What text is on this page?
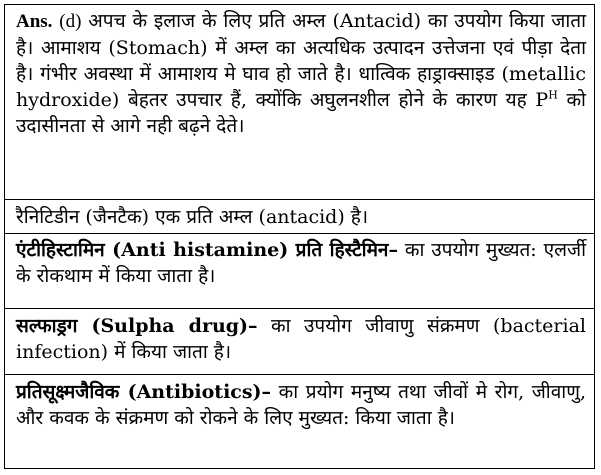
Ans. (d) अपच के इलाज के लिए प्रति अम्ल (Antacid) का उपयोग किया जाता है। आमाशय (Stomach) में अम्ल का अत्यधिक उत्पादन उत्तेजना एवं पीड़ा देता है। गंभीर अवस्था में आमाशय मे घाव हो जाते है। धात्विक हाड्राक्साइड (metallic hydroxide) बेहतर उपचार हैं, क्योंकि अघुलनशील होने के कारण यह $P^H$ को उदासीनता से आगे नही बढ़ने देते।
रैनिटिडीन (जैनटैक) एक प्रति अम्ल (antacid) है।
एंटीहिस्टामिन (Anti histamine) प्रति हिस्टैमिन– का उपयोग मुख्यत: एलर्जी के रोकथाम में किया जाता है।
सल्फाड्रग (Sulpha drug)– का उपयोग जीवाणु संक्रमण (bacterial infection) में किया जाता है।
प्रतिसूक्ष्मजैविक (Antibiotics)– का प्रयोग मनुष्य तथा जीवों मे रोग, जीवाणु, और कवक के संक्रमण को रोकने के लिए मुख्यत: किया जाता है।
